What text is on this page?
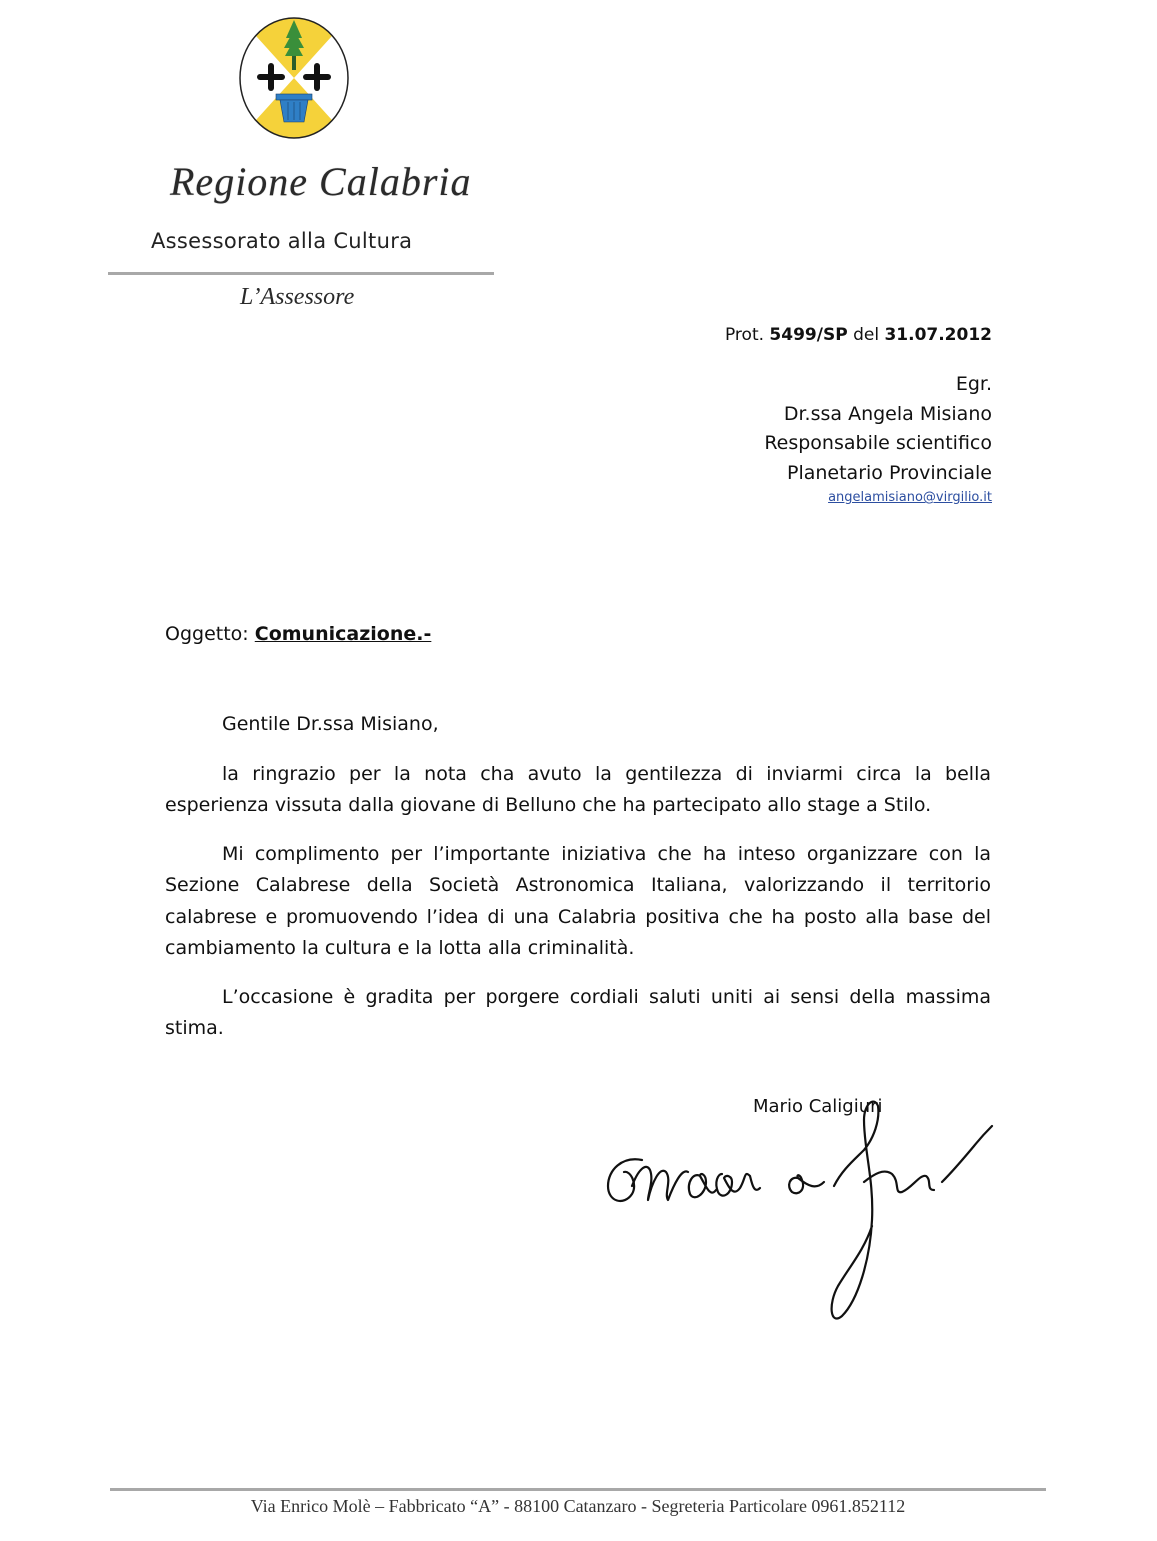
Regione Calabria
Assessorato alla Cultura
L’Assessore
Prot. 5499/SP del 31.07.2012
Egr.
Dr.ssa Angela Misiano
Responsabile scientifico
Planetario Provinciale
angelamisiano@virgilio.it
Oggetto: Comunicazione.-

Gentile Dr.ssa Misiano,

la ringrazio per la nota cha avuto la gentilezza di inviarmi circa la bella esperienza vissuta dalla giovane di Belluno che ha partecipato allo stage a Stilo.

Mi complimento per l’importante iniziativa che ha inteso organizzare con la Sezione Calabrese della Società Astronomica Italiana, valorizzando il territorio calabrese e promuovendo l’idea di una Calabria positiva che ha posto alla base del cambiamento la cultura e la lotta alla criminalità.

L’occasione è gradita per porgere cordiali saluti uniti ai sensi della massima stima.

Mario Caligiuri
Via Enrico Molè – Fabbricato “A” - 88100 Catanzaro - Segreteria Particolare 0961.852112
